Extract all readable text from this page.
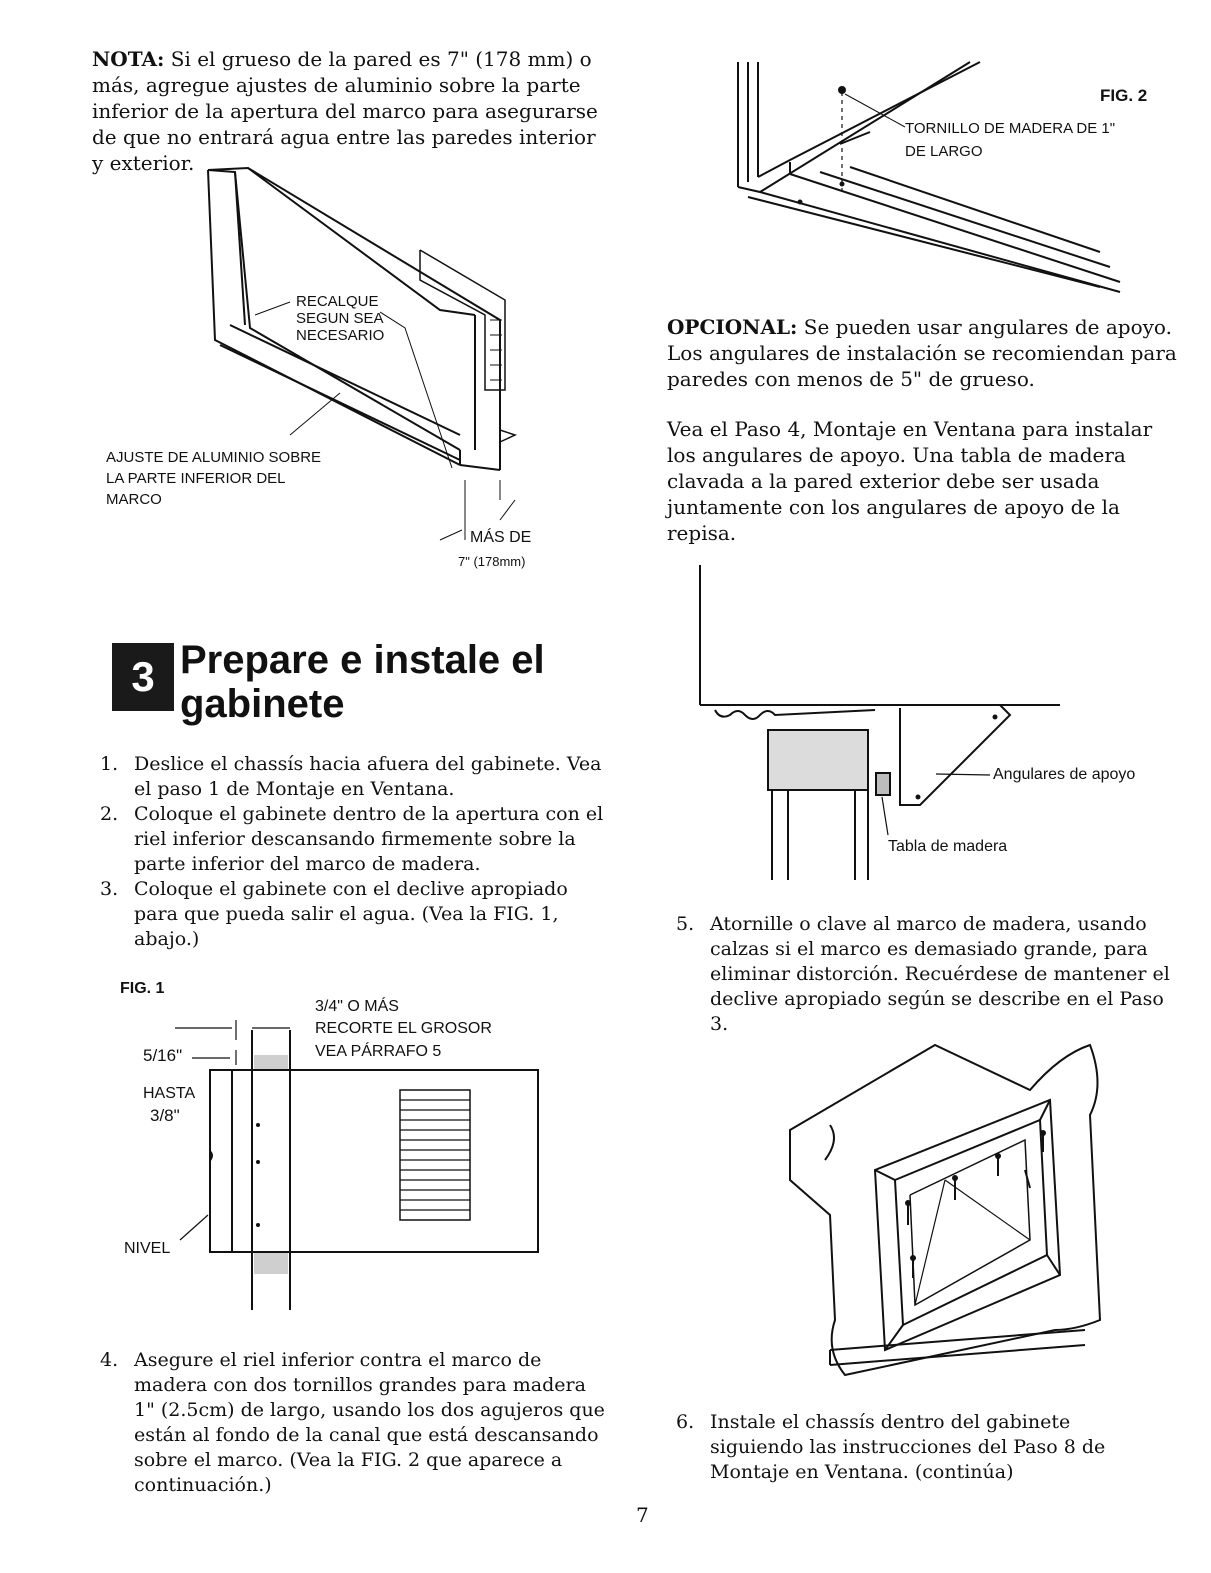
NOTA: Si el grueso de la pared es 7" (178 mm) o más, agregue ajustes de aluminio sobre la parte inferior de la apertura del marco para asegurarse de que no entrará agua entre las paredes interior y exterior.
RECALQUE
SEGUN SEA
NECESARIO
AJUSTE DE ALUMINIO SOBRE
LA PARTE INFERIOR DEL
MARCO
MÁS DE
7" (178mm)
3 Prepare e instale el
gabinete
1. Deslice el chassís hacia afuera del gabinete. Vea el paso 1 de Montaje en Ventana.
2. Coloque el gabinete dentro de la apertura con el riel inferior descansando firmemente sobre la parte inferior del marco de madera.
3. Coloque el gabinete con el declive apropiado para que pueda salir el agua. (Vea la FIG. 1, abajo.)
FIG. 1
3/4" O MÁS
RECORTE EL GROSOR
VEA PÁRRAFO 5
5/16"
HASTA
3/8"
NIVEL
4. Asegure el riel inferior contra el marco de madera con dos tornillos grandes para madera 1" (2.5cm) de largo, usando los dos agujeros que están al fondo de la canal que está descansando sobre el marco. (Vea la FIG. 2 que aparece a continuación.)
FIG. 2
TORNILLO DE MADERA DE 1"
DE LARGO
OPCIONAL: Se pueden usar angulares de apoyo. Los angulares de instalación se recomiendan para paredes con menos de 5" de grueso.
Vea el Paso 4, Montaje en Ventana para instalar los angulares de apoyo. Una tabla de madera clavada a la pared exterior debe ser usada juntamente con los angulares de apoyo de la repisa.
Angulares de apoyo
Tabla de madera
5. Atornille o clave al marco de madera, usando calzas si el marco es demasiado grande, para eliminar distorción. Recuérdese de mantener el declive apropiado según se describe en el Paso 3.
6. Instale el chassís dentro del gabinete siguiendo las instrucciones del Paso 8 de Montaje en Ventana. (continúa)
7
